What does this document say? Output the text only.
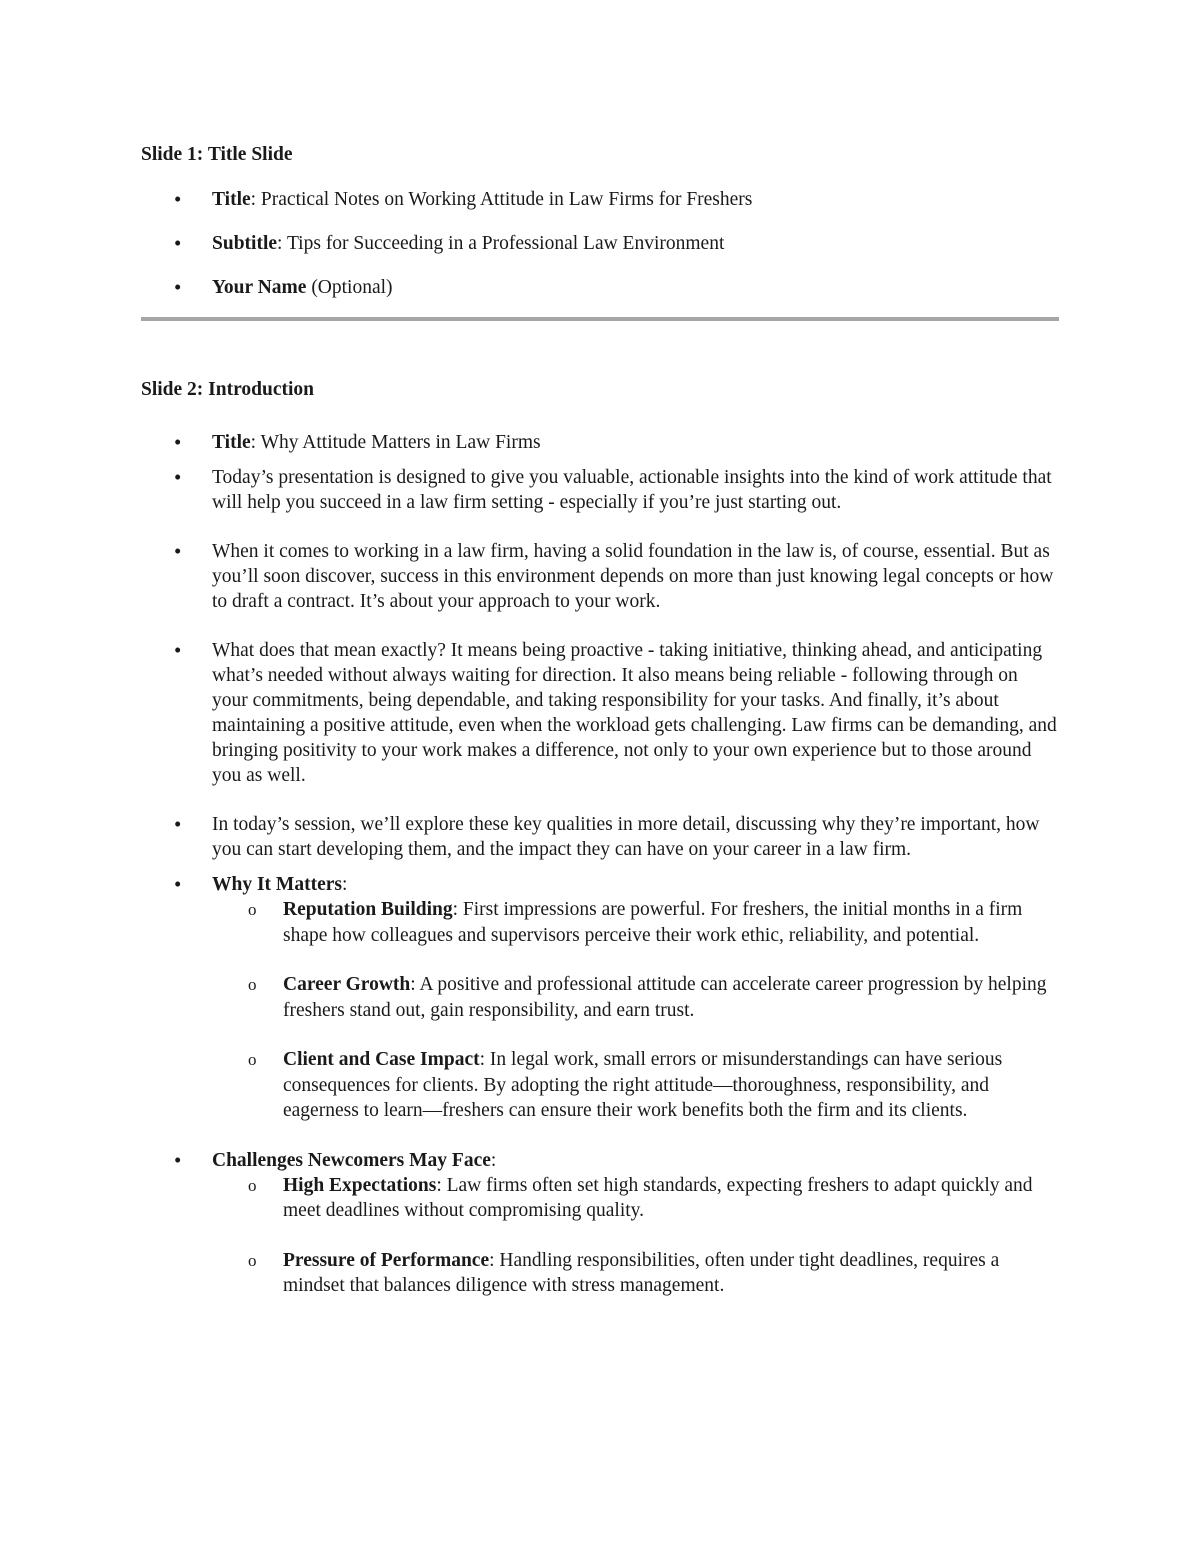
Slide 1: Title Slide
• Title: Practical Notes on Working Attitude in Law Firms for Freshers
• Subtitle: Tips for Succeeding in a Professional Law Environment
• Your Name (Optional)
Slide 2: Introduction
• Title: Why Attitude Matters in Law Firms
• Today’s presentation is designed to give you valuable, actionable insights into the kind of work attitude that will help you succeed in a law firm setting - especially if you’re just starting out.
• When it comes to working in a law firm, having a solid foundation in the law is, of course, essential. But as you’ll soon discover, success in this environment depends on more than just knowing legal concepts or how to draft a contract. It’s about your approach to your work.
• What does that mean exactly? It means being proactive - taking initiative, thinking ahead, and anticipating what’s needed without always waiting for direction. It also means being reliable - following through on your commitments, being dependable, and taking responsibility for your tasks. And finally, it’s about maintaining a positive attitude, even when the workload gets challenging. Law firms can be demanding, and bringing positivity to your work makes a difference, not only to your own experience but to those around you as well.
• In today’s session, we’ll explore these key qualities in more detail, discussing why they’re important, how you can start developing them, and the impact they can have on your career in a law firm.
• Why It Matters:
o Reputation Building: First impressions are powerful. For freshers, the initial months in a firm shape how colleagues and supervisors perceive their work ethic, reliability, and potential.
o Career Growth: A positive and professional attitude can accelerate career progression by helping freshers stand out, gain responsibility, and earn trust.
o Client and Case Impact: In legal work, small errors or misunderstandings can have serious consequences for clients. By adopting the right attitude—thoroughness, responsibility, and eagerness to learn—freshers can ensure their work benefits both the firm and its clients.
• Challenges Newcomers May Face:
o High Expectations: Law firms often set high standards, expecting freshers to adapt quickly and meet deadlines without compromising quality.
o Pressure of Performance: Handling responsibilities, often under tight deadlines, requires a mindset that balances diligence with stress management.
